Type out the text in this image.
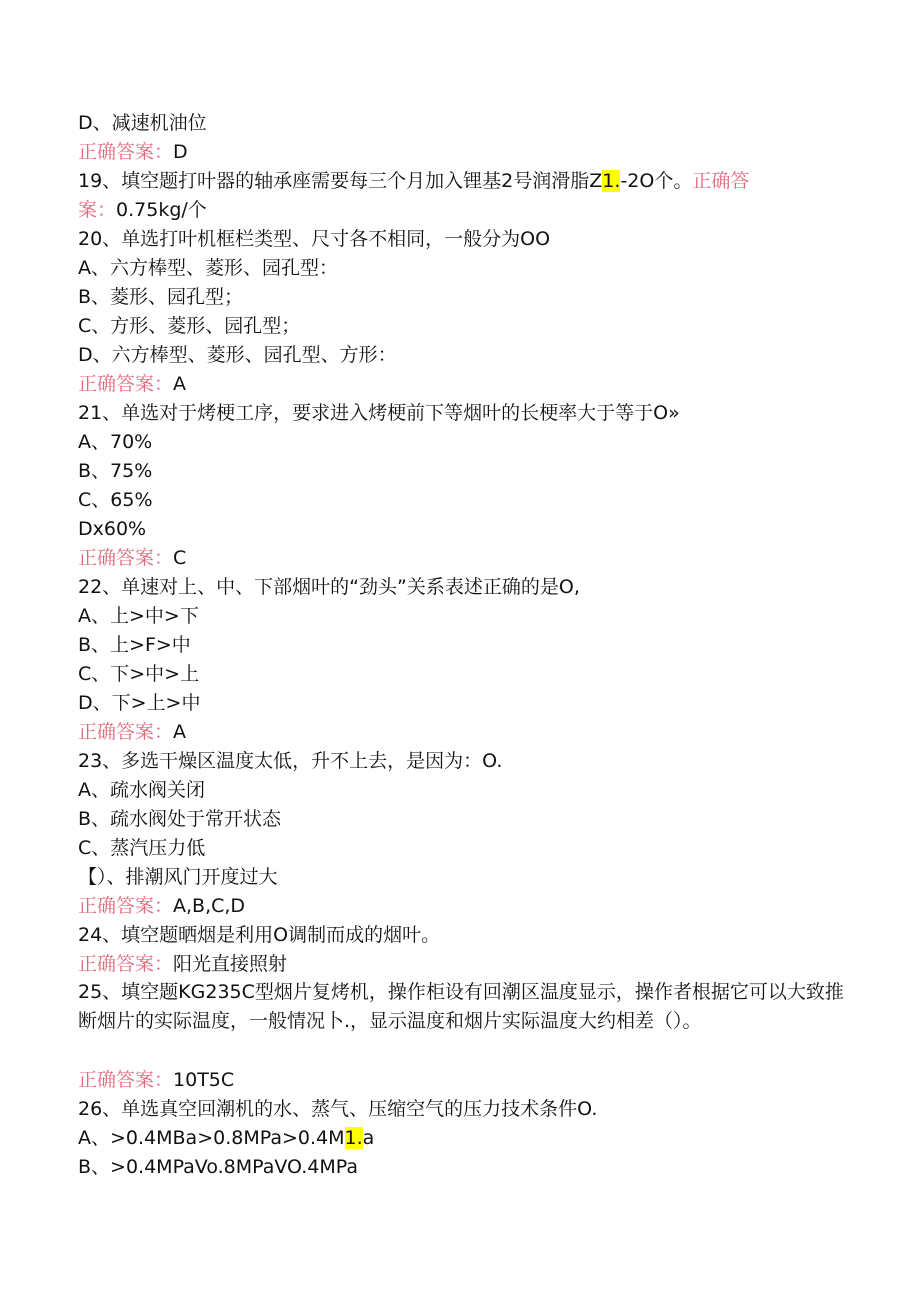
D、减速机油位
正确答案：D
19、填空题打叶器的轴承座需要每三个月加入锂基2号润滑脂Z1.-2O个。正确答
案：0.75kg∕个
20、单选打叶机框栏类型、尺寸各不相同，一般分为OO
A、六方棒型、菱形、园孔型：
B、菱形、园孔型；
C、方形、菱形、园孔型；
D、六方棒型、菱形、园孔型、方形：
正确答案：A
21、单选对于烤梗工序，要求进入烤梗前下等烟叶的长梗率大于等于O»
A、70%
B、75%
C、65%
Dx60%
正确答案：C
22、单速对上、中、下部烟叶的“劲头”关系表述正确的是O,
A、上>中>下
B、上>F>中
C、下>中>上
D、下>上>中
正确答案：A
23、多选干燥区温度太低，升不上去，是因为：O.
A、疏水阀关闭
B、疏水阀处于常开状态
C、蒸汽压力低
【）、排潮风门开度过大
正确答案：A,B,C,D
24、填空题晒烟是利用O调制而成的烟叶。
正确答案：阳光直接照射
25、填空题KG235C型烟片复烤机，操作柜设有回潮区温度显示，操作者根据它可以大致推断烟片的实际温度，一般情况卜.，显示温度和烟片实际温度大约相差（）。
正确答案：10T5C
26、单选真空回潮机的水、蒸气、压缩空气的压力技术条件O.
A、>0.4MBa>0.8MPa>0.4M1.a
B、>0.4MPaVo.8MPaVO.4MPa
